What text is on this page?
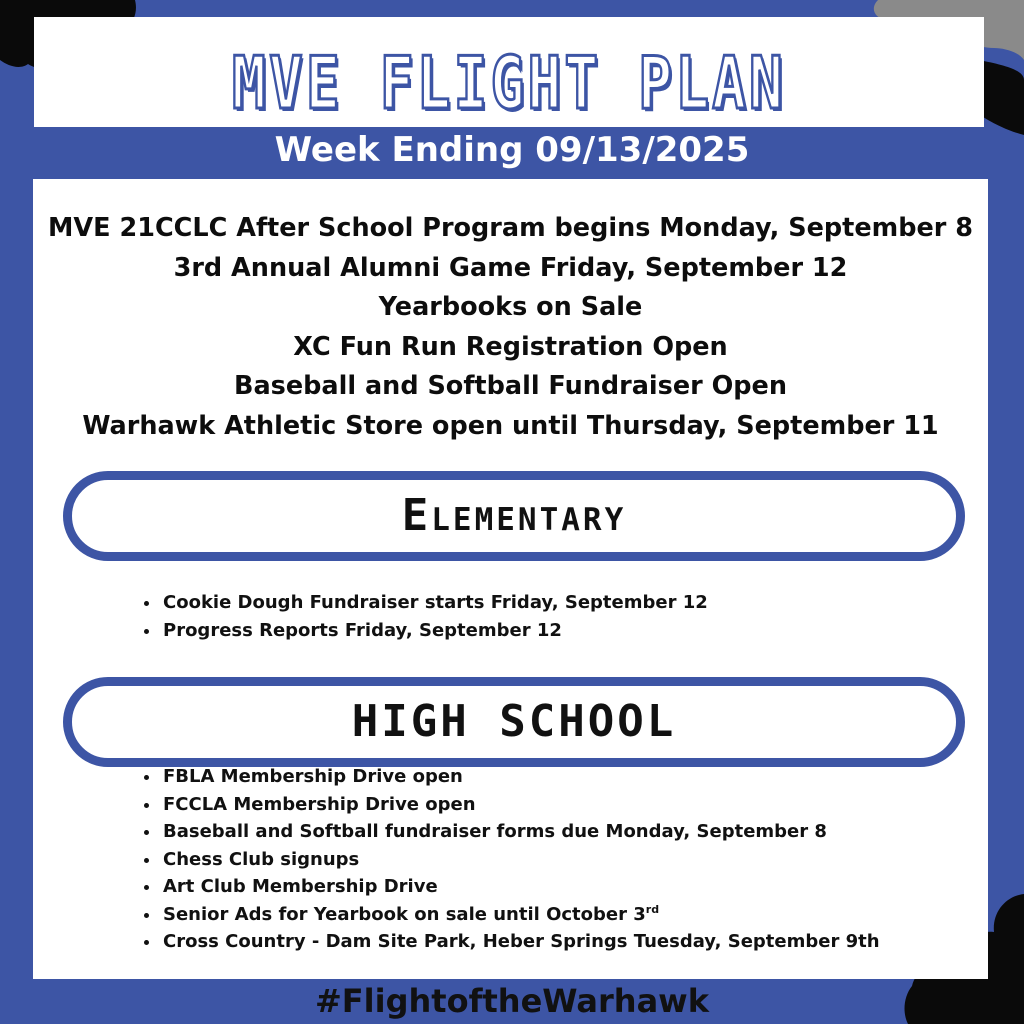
MVE FLIGHT PLAN
Week Ending 09/13/2025
MVE 21CCLC After School Program begins Monday, September 8
3rd Annual Alumni Game Friday, September 12
Yearbooks on Sale
XC Fun Run Registration Open
Baseball and Softball Fundraiser Open
Warhawk Athletic Store open until Thursday, September 11
Elementary
• Cookie Dough Fundraiser starts Friday, September 12
• Progress Reports Friday, September 12
HIGH SCHOOL
• FBLA Membership Drive open
• FCCLA Membership Drive open
• Baseball and Softball fundraiser forms due Monday, September 8
• Chess Club signups
• Art Club Membership Drive
• Senior Ads for Yearbook on sale until October 3rd
• Cross Country - Dam Site Park, Heber Springs Tuesday, September 9th
#FlightoftheWarhawk
